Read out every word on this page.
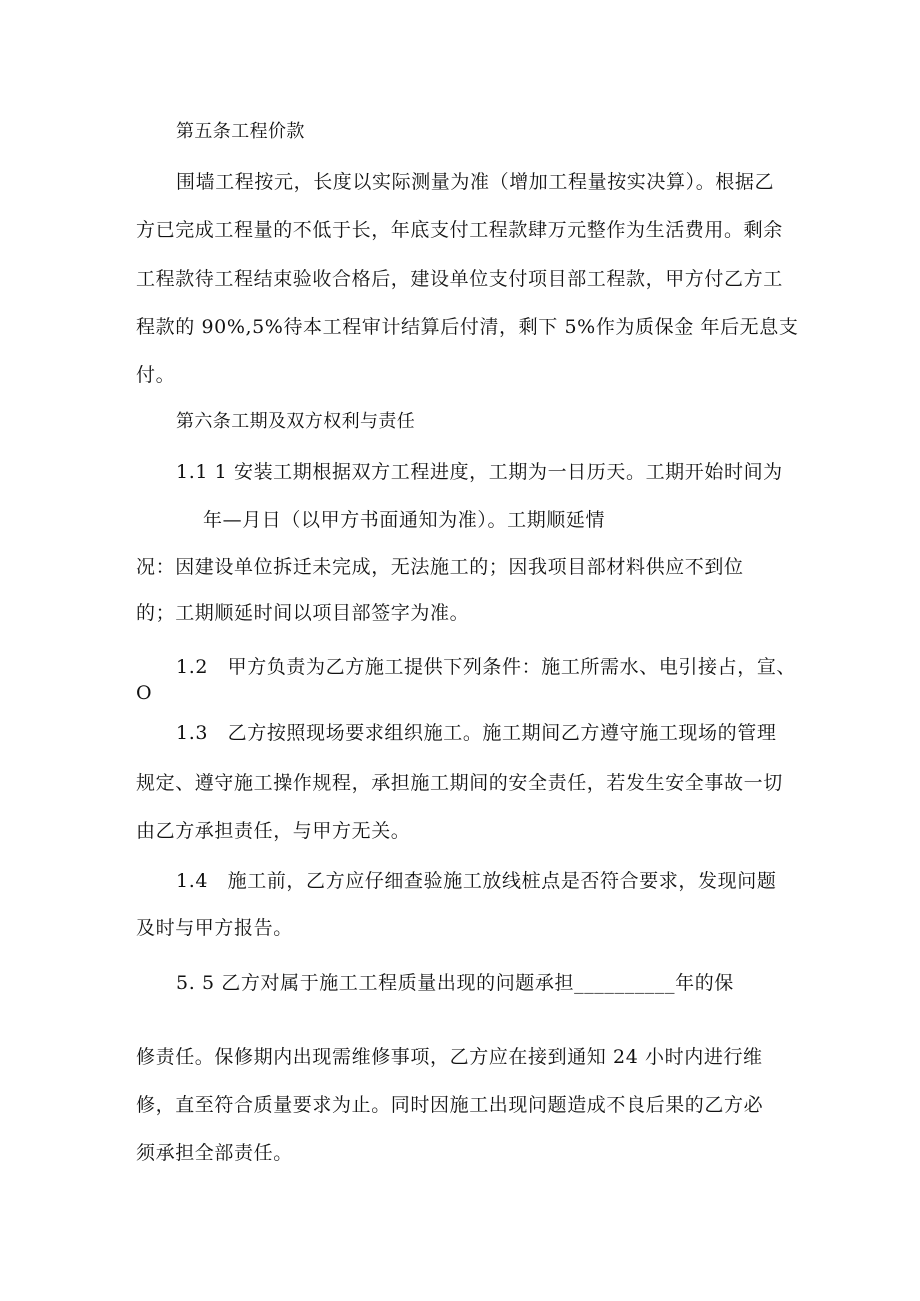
第五条工程价款
围墙工程按元，长度以实际测量为准（增加工程量按实决算）。根据乙
方已完成工程量的不低于长，年底支付工程款肆万元整作为生活费用。剩余
工程款待工程结束验收合格后，建设单位支付项目部工程款，甲方付乙方工
程款的 90%,5%待本工程审计结算后付清，剩下 5%作为质保金 年后无息支
付。
第六条工期及双方权利与责任
1.1 1 安装工期根据双方工程进度，工期为一日历天。工期开始时间为
年—月日（以甲方书面通知为准）。工期顺延情
况：因建设单位拆迁未完成，无法施工的；因我项目部材料供应不到位
的；工期顺延时间以项目部签字为准。
1.2　甲方负责为乙方施工提供下列条件：施工所需水、电引接占，宣、
O
1.3　乙方按照现场要求组织施工。施工期间乙方遵守施工现场的管理
规定、遵守施工操作规程，承担施工期间的安全责任，若发生安全事故一切
由乙方承担责任，与甲方无关。
1.4　施工前，乙方应仔细查验施工放线桩点是否符合要求，发现问题
及时与甲方报告。
5. 5 乙方对属于施工工程质量出现的问题承担__________年的保
修责任。保修期内出现需维修事项，乙方应在接到通知 24 小时内进行维
修，直至符合质量要求为止。同时因施工出现问题造成不良后果的乙方必
须承担全部责任。
